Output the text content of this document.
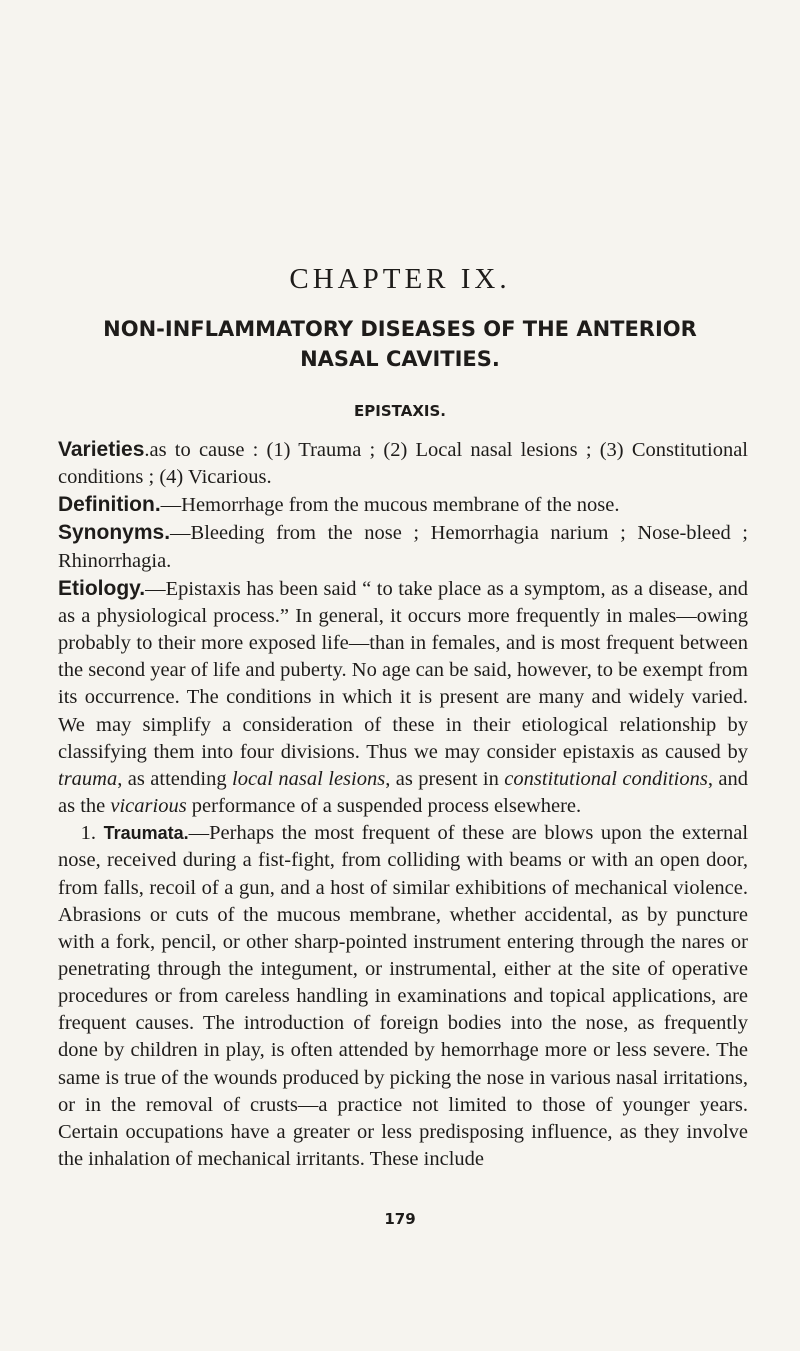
CHAPTER IX.
NON-INFLAMMATORY DISEASES OF THE ANTERIOR
NASAL CAVITIES.
EPISTAXIS.

Varieties.as to cause : (1) Trauma ; (2) Local nasal lesions ; (3) Constitutional conditions ; (4) Vicarious.

Definition.—Hemorrhage from the mucous membrane of the nose.

Synonyms.—Bleeding from the nose ; Hemorrhagia narium ; Nose-bleed ; Rhinorrhagia.

Etiology.—Epistaxis has been said “ to take place as a symptom, as a disease, and as a physiological process.” In general, it occurs more frequently in males—owing probably to their more exposed life—than in females, and is most frequent between the second year of life and puberty. No age can be said, however, to be exempt from its occurrence. The conditions in which it is present are many and widely varied. We may simplify a consideration of these in their etiological relationship by classifying them into four divisions. Thus we may consider epistaxis as caused by trauma, as attending local nasal lesions, as present in constitutional conditions, and as the vicarious performance of a suspended process elsewhere.

1. Traumata.—Perhaps the most frequent of these are blows upon the external nose, received during a fist-fight, from colliding with beams or with an open door, from falls, recoil of a gun, and a host of similar exhibitions of mechanical violence. Abrasions or cuts of the mucous membrane, whether accidental, as by puncture with a fork, pencil, or other sharp-pointed instrument entering through the nares or penetrating through the integument, or instrumental, either at the site of operative procedures or from careless handling in examinations and topical applications, are frequent causes. The introduction of foreign bodies into the nose, as frequently done by children in play, is often attended by hemorrhage more or less severe. The same is true of the wounds produced by picking the nose in various nasal irritations, or in the removal of crusts—a practice not limited to those of younger years. Certain occupations have a greater or less predisposing influence, as they involve the inhalation of mechanical irritants. These include

179
